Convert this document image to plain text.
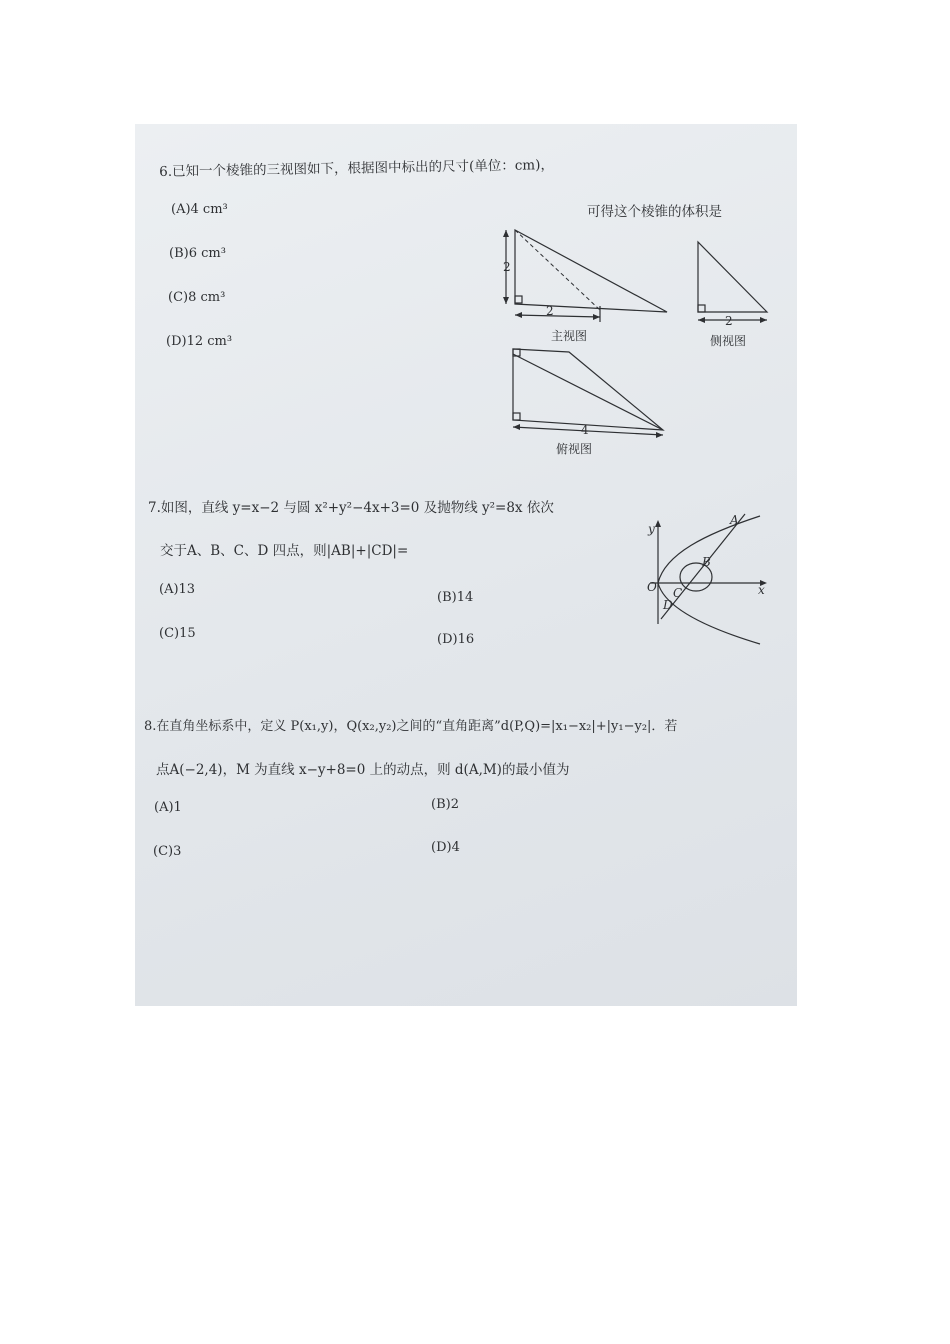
6.已知一个棱锥的三视图如下，根据图中标出的尺寸(单位：cm)，
可得这个棱锥的体积是
(A)4 cm³
(B)6 cm³
(C)8 cm³
(D)12 cm³
2
2
主视图
2
侧视图
4
俯视图
7.如图，直线 y=x−2 与圆 x²+y²−4x+3=0 及抛物线 y²=8x 依次
交于A、B、C、D 四点，则|AB|+|CD|=
(A)13
(B)14
(C)15	(D)16
y
x
O
A
B
C
D
8.在直角坐标系中，定义 P(x₁,y)，Q(x₂,y₂)之间的“直角距离”d(P,Q)=|x₁−x₂|+|y₁−y₂|．若
点A(−2,4)，M 为直线 x−y+8=0 上的动点，则 d(A,M)的最小值为
(A)1	(B)2
(C)3	(D)4
